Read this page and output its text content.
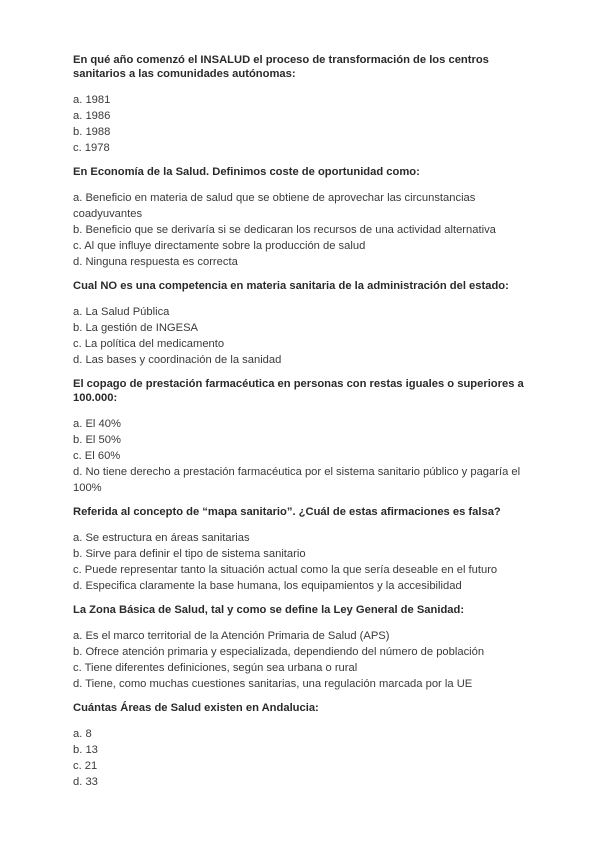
En qué año comenzó el INSALUD el proceso de transformación de los centros sanitarios a las comunidades autónomas:

a. 1981

a. 1986

b. 1988

c. 1978

En Economía de la Salud. Definimos coste de oportunidad como:

a. Beneficio en materia de salud que se obtiene de aprovechar las circunstancias coadyuvantes

b. Beneficio que se derivaría si se dedicaran los recursos de una actividad alternativa

c. Al que influye directamente sobre la producción de salud

d. Ninguna respuesta es correcta

Cual NO es una competencia en materia sanitaria de la administración del estado:

a. La Salud Pública

b. La gestión de INGESA

c. La política del medicamento

d. Las bases y coordinación de la sanidad

El copago de prestación farmacéutica en personas con restas iguales o superiores a 100.000:

a. El 40%

b. El 50%

c. El 60%

d. No tiene derecho a prestación farmacéutica por el sistema sanitario público y pagaría el 100%

Referida al concepto de “mapa sanitario”. ¿Cuál de estas afirmaciones es falsa?

a. Se estructura en áreas sanitarias

b. Sirve para definir el tipo de sistema sanitario

c. Puede representar tanto la situación actual como la que sería deseable en el futuro

d. Especifica claramente la base humana, los equipamientos y la accesibilidad

La Zona Básica de Salud, tal y como se define la Ley General de Sanidad:

a. Es el marco territorial de la Atención Primaria de Salud (APS)

b. Ofrece atención primaria y especializada, dependiendo del número de población

c. Tiene diferentes definiciones, según sea urbana o rural

d. Tiene, como muchas cuestiones sanitarias, una regulación marcada por la UE

Cuántas Áreas de Salud existen en Andalucia:

a. 8

b. 13

c. 21

d. 33
